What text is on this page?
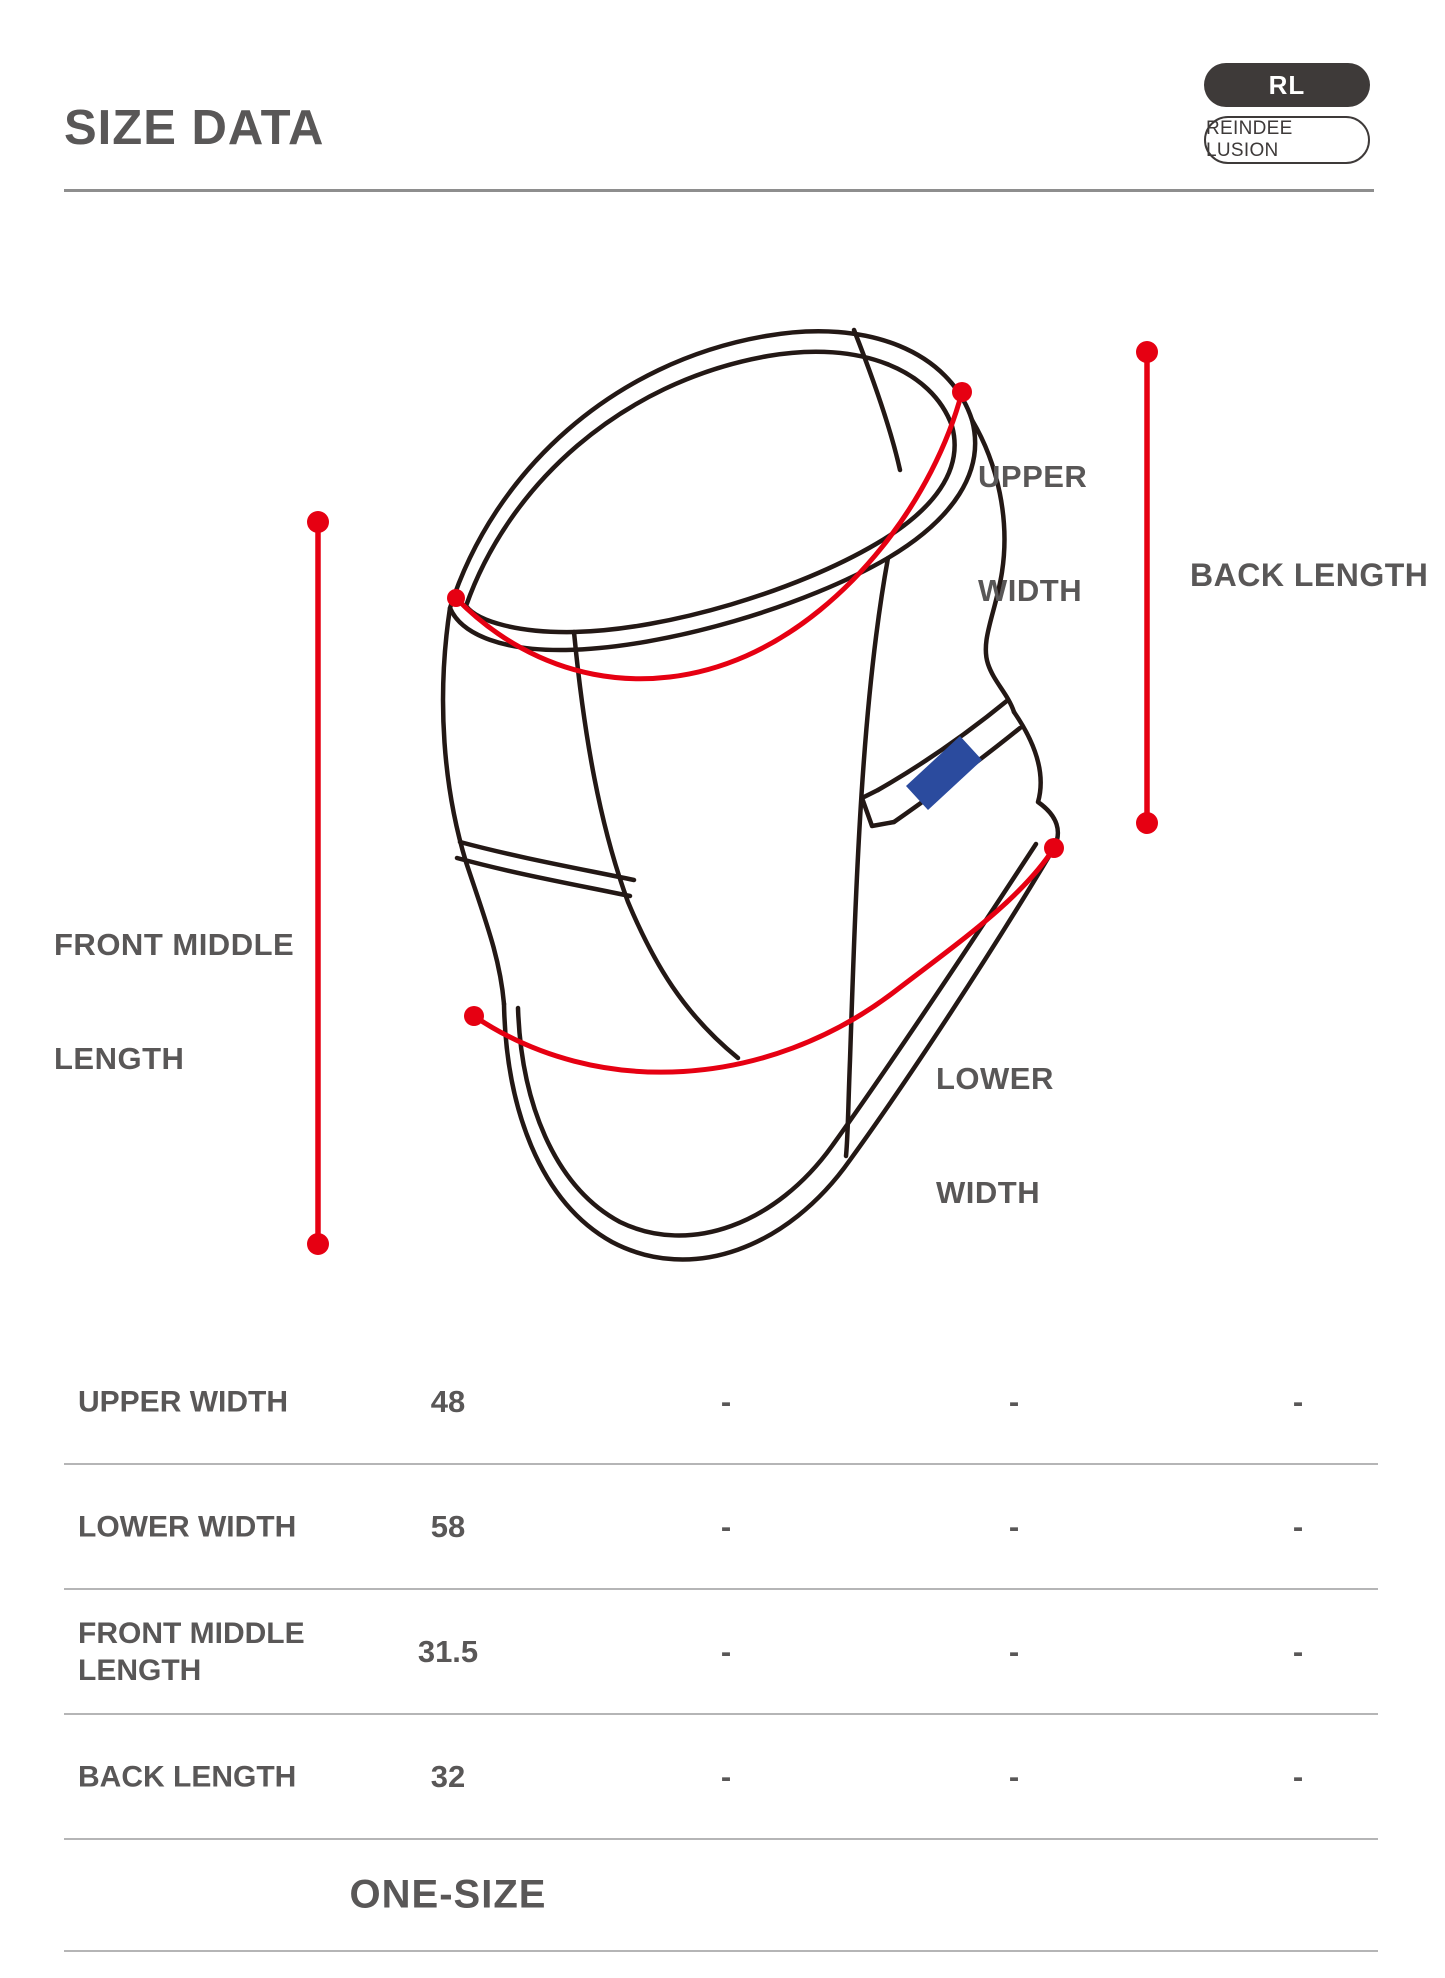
SIZE DATA
RL
REINDEE LUSION

UPPER

WIDTH

	BACK LENGTH

FRONT MIDDLE

LENGTH

LOWER

WIDTH

UPPER WIDTH	48	-	-	-
LOWER WIDTH	58	-	-	-
FRONT MIDDLE LENGTH
31.5	-	-	-
BACK LENGTH	32	-	-	-
ONE-SIZE
